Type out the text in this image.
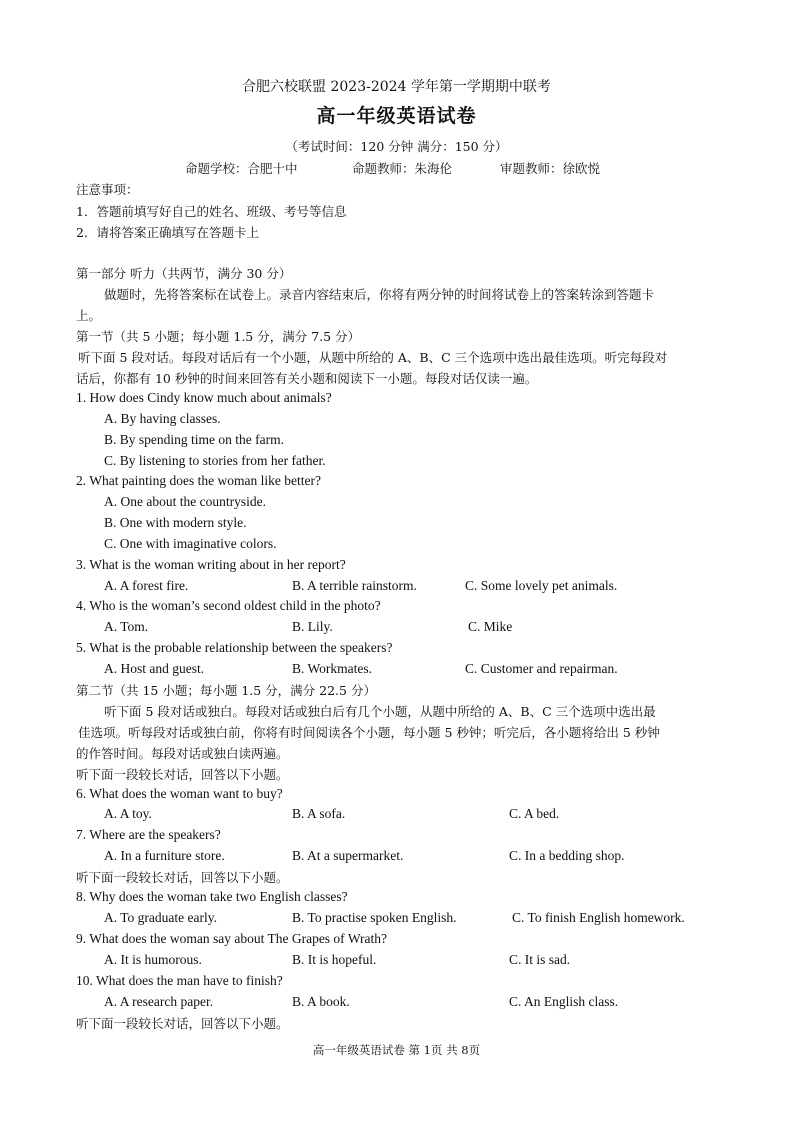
合肥六校联盟 2023-2024 学年第一学期期中联考
高一年级英语试卷
（考试时间：120 分钟 满分：150 分）
命题学校：合肥十中	命题教师：朱海伦	审题教师：徐欧悦
注意事项：
1．答题前填写好自己的姓名、班级、考号等信息
2．请将答案正确填写在答题卡上
第一部分 听力（共两节，满分 30 分）
做题时，先将答案标在试卷上。录音内容结束后，你将有两分钟的时间将试卷上的答案转涂到答题卡
上。
第一节（共 5 小题；每小题 1.5 分，满分 7.5 分）
听下面 5 段对话。每段对话后有一个小题，从题中所给的 A、B、C 三个选项中选出最佳选项。听完每段对
话后，你都有 10 秒钟的时间来回答有关小题和阅读下一小题。每段对话仅读一遍。
1. How does Cindy know much about animals?
A. By having classes.
B. By spending time on the farm.
C. By listening to stories from her father.
2. What painting does the woman like better?
A. One about the countryside.
B. One with modern style.
C. One with imaginative colors.
3. What is the woman writing about in her report?
A. A forest fire.	B. A terrible rainstorm.	C. Some lovely pet animals.
4. Who is the woman’s second oldest child in the photo?
A. Tom.	B. Lily.	C. Mike
5. What is the probable relationship between the speakers?
A. Host and guest.	B. Workmates.	C. Customer and repairman.
第二节（共 15 小题；每小题 1.5 分，满分 22.5 分）
听下面 5 段对话或独白。每段对话或独白后有几个小题，从题中所给的 A、B、C 三个选项中选出最
佳选项。听每段对话或独白前，你将有时间阅读各个小题，每小题 5 秒钟；听完后，各小题将给出 5 秒钟
的作答时间。每段对话或独白读两遍。
听下面一段较长对话，回答以下小题。
6. What does the woman want to buy?
A. A toy.	B. A sofa.	C. A bed.
7. Where are the speakers?
A. In a furniture store.	B. At a supermarket.	C. In a bedding shop.
听下面一段较长对话，回答以下小题。
8. Why does the woman take two English classes?
A. To graduate early.	B. To practise spoken English.	C. To finish English homework.
9. What does the woman say about The Grapes of Wrath?
A. It is humorous.	B. It is hopeful.	C. It is sad.
10. What does the man have to finish?
A. A research paper.	B. A book.	C. An English class.
听下面一段较长对话，回答以下小题。
高一年级英语试卷 第 1页 共 8页
